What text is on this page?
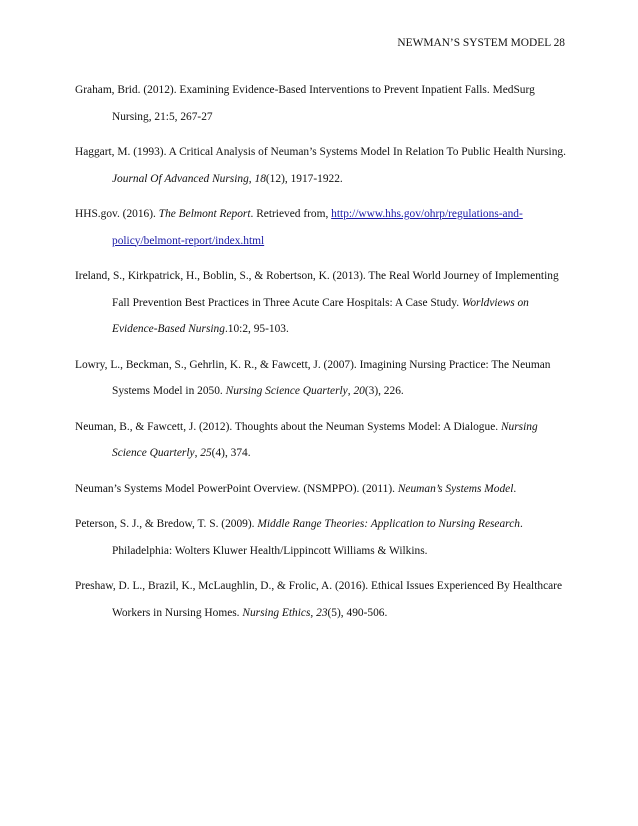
NEWMAN’S SYSTEM MODEL 28

Graham, Brid. (2012). Examining Evidence-Based Interventions to Prevent Inpatient Falls. MedSurg Nursing, 21:5, 267-27

Haggart, M. (1993). A Critical Analysis of Neuman’s Systems Model In Relation To Public Health Nursing. Journal Of Advanced Nursing, 18(12), 1917-1922.

HHS.gov. (2016). The Belmont Report. Retrieved from, http://www.hhs.gov/ohrp/regulations-and-policy/belmont-report/index.html

Ireland, S., Kirkpatrick, H., Boblin, S., & Robertson, K. (2013). The Real World Journey of Implementing Fall Prevention Best Practices in Three Acute Care Hospitals: A Case Study. Worldviews on Evidence-Based Nursing.10:2, 95-103.

Lowry, L., Beckman, S., Gehrlin, K. R., & Fawcett, J. (2007). Imagining Nursing Practice: The Neuman Systems Model in 2050. Nursing Science Quarterly, 20(3), 226.

Neuman, B., & Fawcett, J. (2012). Thoughts about the Neuman Systems Model: A Dialogue. Nursing Science Quarterly, 25(4), 374.

Neuman’s Systems Model PowerPoint Overview. (NSMPPO). (2011). Neuman’s Systems Model.

Peterson, S. J., & Bredow, T. S. (2009). Middle Range Theories: Application to Nursing Research. Philadelphia: Wolters Kluwer Health/Lippincott Williams & Wilkins.

Preshaw, D. L., Brazil, K., McLaughlin, D., & Frolic, A. (2016). Ethical Issues Experienced By Healthcare Workers in Nursing Homes. Nursing Ethics, 23(5), 490-506.
